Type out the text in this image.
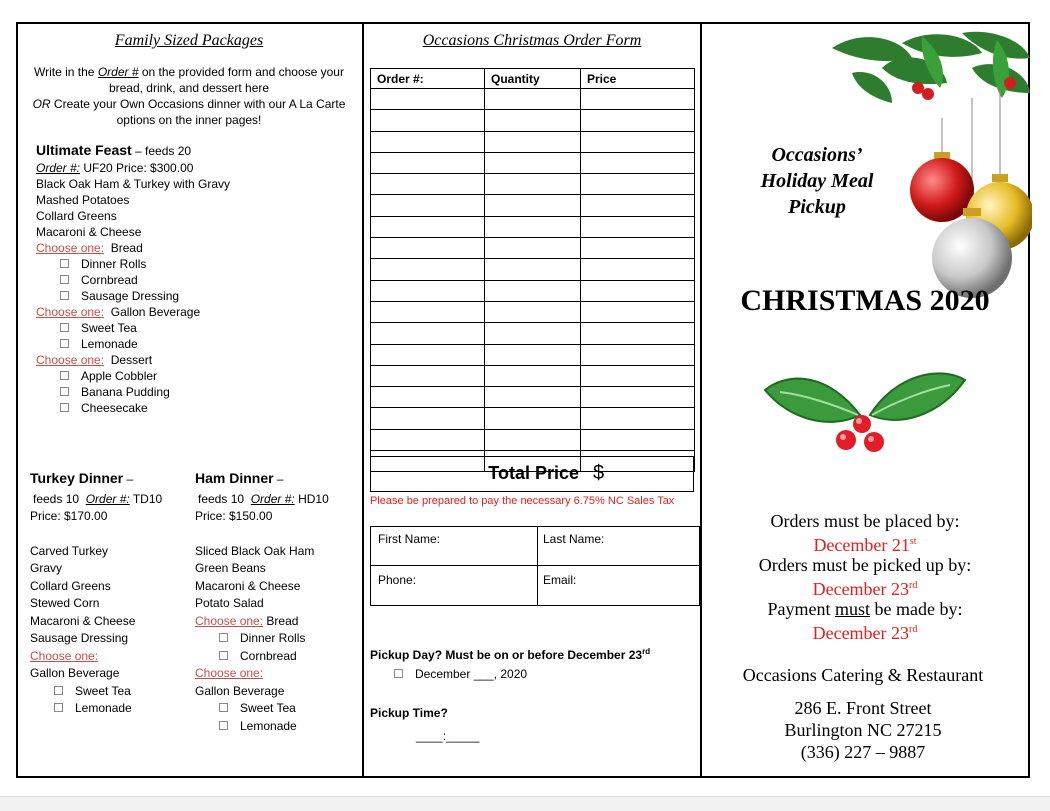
Family Sized Packages
Write in the Order # on the provided form and choose your
bread, drink, and dessert here
OR Create your Own Occasions dinner with our A La Carte
options on the inner pages!
Ultimate Feast – feeds 20
Order #: UF20 Price: $300.00
Black Oak Ham & Turkey with Gravy
Mashed Potatoes
Collard Greens
Macaroni & Cheese
Choose one:  Bread
Dinner Rolls
Cornbread
Sausage Dressing
Choose one:  Gallon Beverage
Sweet Tea
Lemonade
Choose one:  Dessert
Apple Cobbler
Banana Pudding
Cheesecake
Turkey Dinner –
feeds 10  Order #: TD10
Price: $170.00
Carved Turkey
Gravy
Collard Greens
Stewed Corn
Macaroni & Cheese
Sausage Dressing
Choose one:
Gallon Beverage
Sweet Tea
Lemonade
Ham Dinner –
feeds 10  Order #: HD10
Price: $150.00
Sliced Black Oak Ham
Green Beans
Macaroni & Cheese
Potato Salad
Choose one: Bread
Dinner Rolls
Cornbread
Choose one:
Gallon Beverage
Sweet Tea
Lemonade
Occasions Christmas Order Form
Order #:	Quantity	Price

Total Price $
Please be prepared to pay the necessary 6.75% NC Sales Tax
First Name:	Last Name:
Phone:	Email:
Pickup Day? Must be on or before December 23rd
December ___, 2020
Pickup Time?
____:_____
Occasions’
Holiday Meal
Pickup
CHRISTMAS 2020
Orders must be placed by:
December 21st
Orders must be picked up by:
December 23rd
Payment must be made by:
December 23rd
Occasions Catering & Restaurant
286 E. Front Street
Burlington NC 27215
(336) 227 – 9887
